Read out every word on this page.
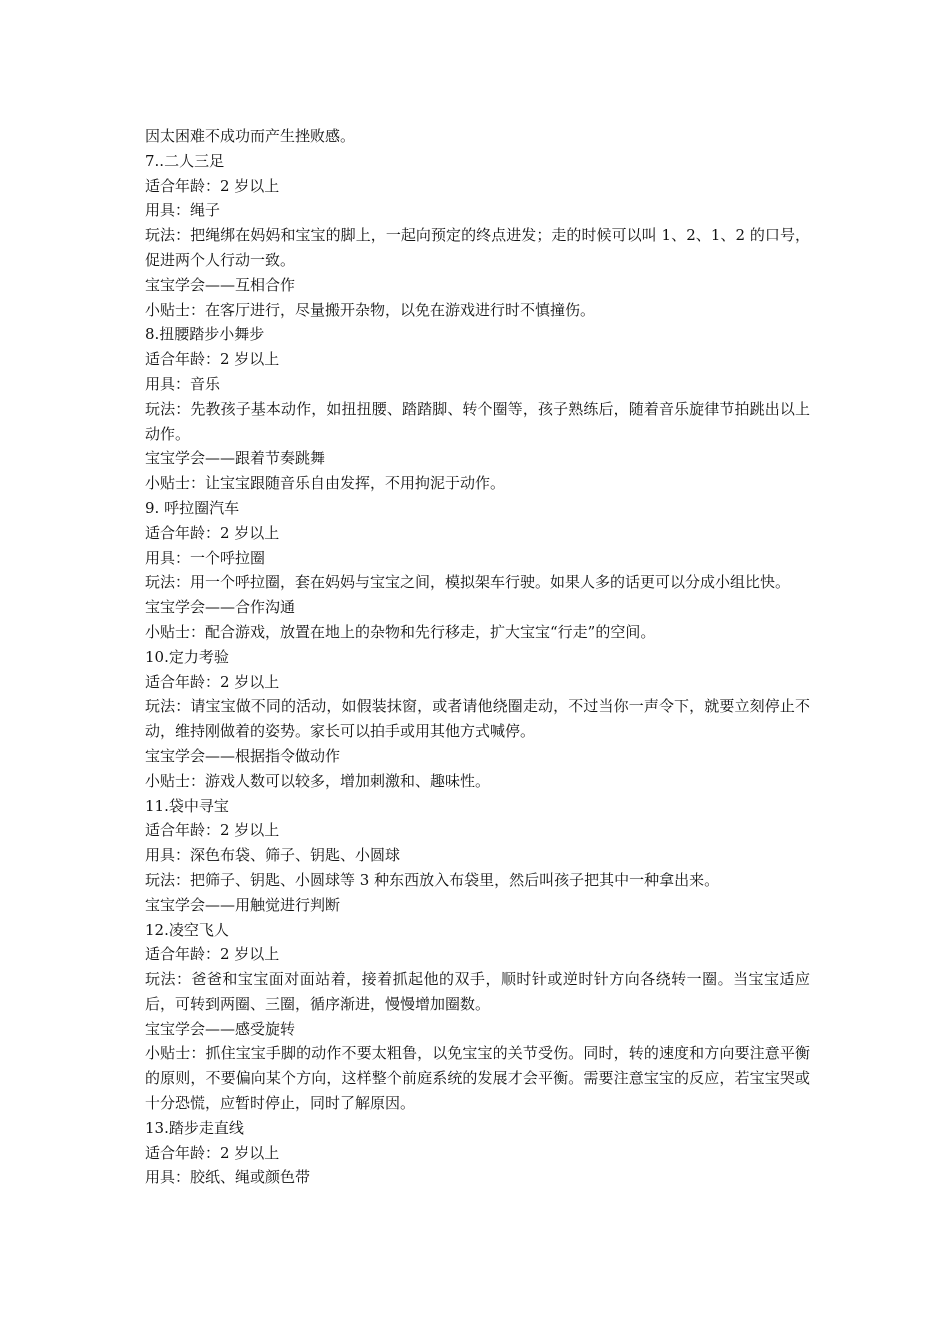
因太困难不成功而产生挫败感。

7..二人三足

适合年龄：2 岁以上

用具：绳子

玩法：把绳绑在妈妈和宝宝的脚上，一起向预定的终点进发；走的时候可以叫 1、2、1、2 的口号，促进两个人行动一致。

宝宝学会——互相合作

小贴士：在客厅进行，尽量搬开杂物，以免在游戏进行时不慎撞伤。

8.扭腰踏步小舞步

适合年龄：2 岁以上

用具：音乐

玩法：先教孩子基本动作，如扭扭腰、踏踏脚、转个圈等，孩子熟练后，随着音乐旋律节拍跳出以上动作。

宝宝学会——跟着节奏跳舞

小贴士：让宝宝跟随音乐自由发挥，不用拘泥于动作。

9. 呼拉圈汽车

适合年龄：2 岁以上

用具：一个呼拉圈

玩法：用一个呼拉圈，套在妈妈与宝宝之间，模拟架车行驶。如果人多的话更可以分成小组比快。

宝宝学会——合作沟通

小贴士：配合游戏，放置在地上的杂物和先行移走，扩大宝宝“行走”的空间。

10.定力考验

适合年龄：2 岁以上

玩法：请宝宝做不同的活动，如假装抹窗，或者请他绕圈走动，不过当你一声令下，就要立刻停止不动，维持刚做着的姿势。家长可以拍手或用其他方式喊停。

宝宝学会——根据指令做动作

小贴士：游戏人数可以较多，增加刺激和、趣味性。

11.袋中寻宝

适合年龄：2 岁以上

用具：深色布袋、筛子、钥匙、小圆球

玩法：把筛子、钥匙、小圆球等 3 种东西放入布袋里，然后叫孩子把其中一种拿出来。

宝宝学会——用触觉进行判断

12.凌空飞人

适合年龄：2 岁以上

玩法：爸爸和宝宝面对面站着，接着抓起他的双手，顺时针或逆时针方向各绕转一圈。当宝宝适应后，可转到两圈、三圈，循序渐进，慢慢增加圈数。

宝宝学会——感受旋转

小贴士：抓住宝宝手脚的动作不要太粗鲁，以免宝宝的关节受伤。同时，转的速度和方向要注意平衡的原则，不要偏向某个方向，这样整个前庭系统的发展才会平衡。需要注意宝宝的反应，若宝宝哭或十分恐慌，应暂时停止，同时了解原因。

13.踏步走直线

适合年龄：2 岁以上

用具：胶纸、绳或颜色带
